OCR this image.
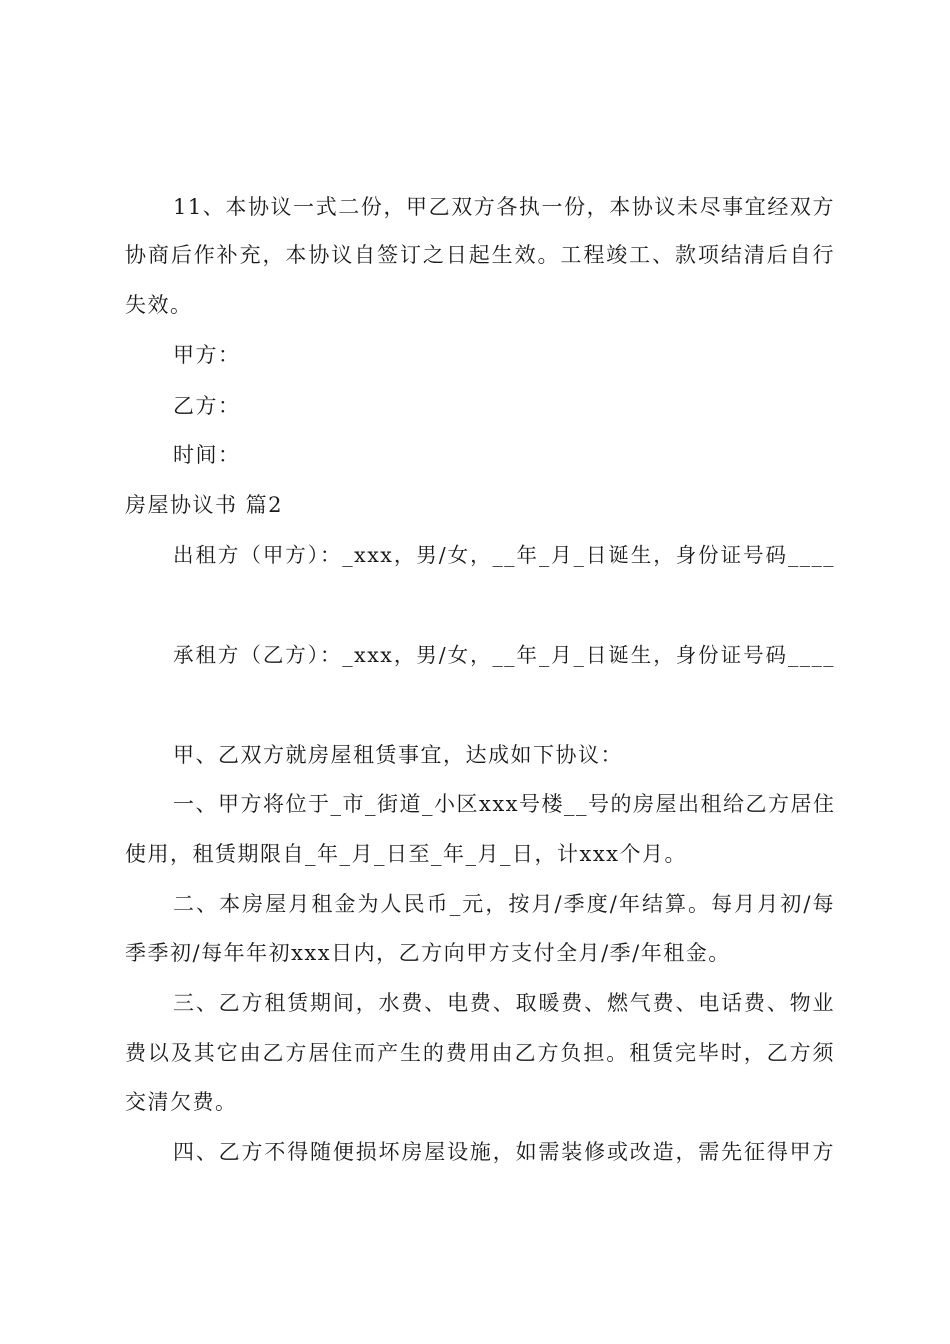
11、本协议一式二份，甲乙双方各执一份，本协议未尽事宜经双方
协商后作补充，本协议自签订之日起生效。工程竣工、款项结清后自行
失效。
甲方：
乙方：
时间：
房屋协议书 篇2
出租方（甲方）：_xxx，男/女，__年_月_日诞生，身份证号码____
承租方（乙方）：_xxx，男/女，__年_月_日诞生，身份证号码____
甲、乙双方就房屋租赁事宜，达成如下协议：
一、甲方将位于_市_街道_小区xxx号楼__号的房屋出租给乙方居住
使用，租赁期限自_年_月_日至_年_月_日，计xxx个月。
二、本房屋月租金为人民币_元，按月/季度/年结算。每月月初/每
季季初/每年年初xxx日内，乙方向甲方支付全月/季/年租金。
三、乙方租赁期间，水费、电费、取暖费、燃气费、电话费、物业
费以及其它由乙方居住而产生的费用由乙方负担。租赁完毕时，乙方须
交清欠费。
四、乙方不得随便损坏房屋设施，如需装修或改造，需先征得甲方
